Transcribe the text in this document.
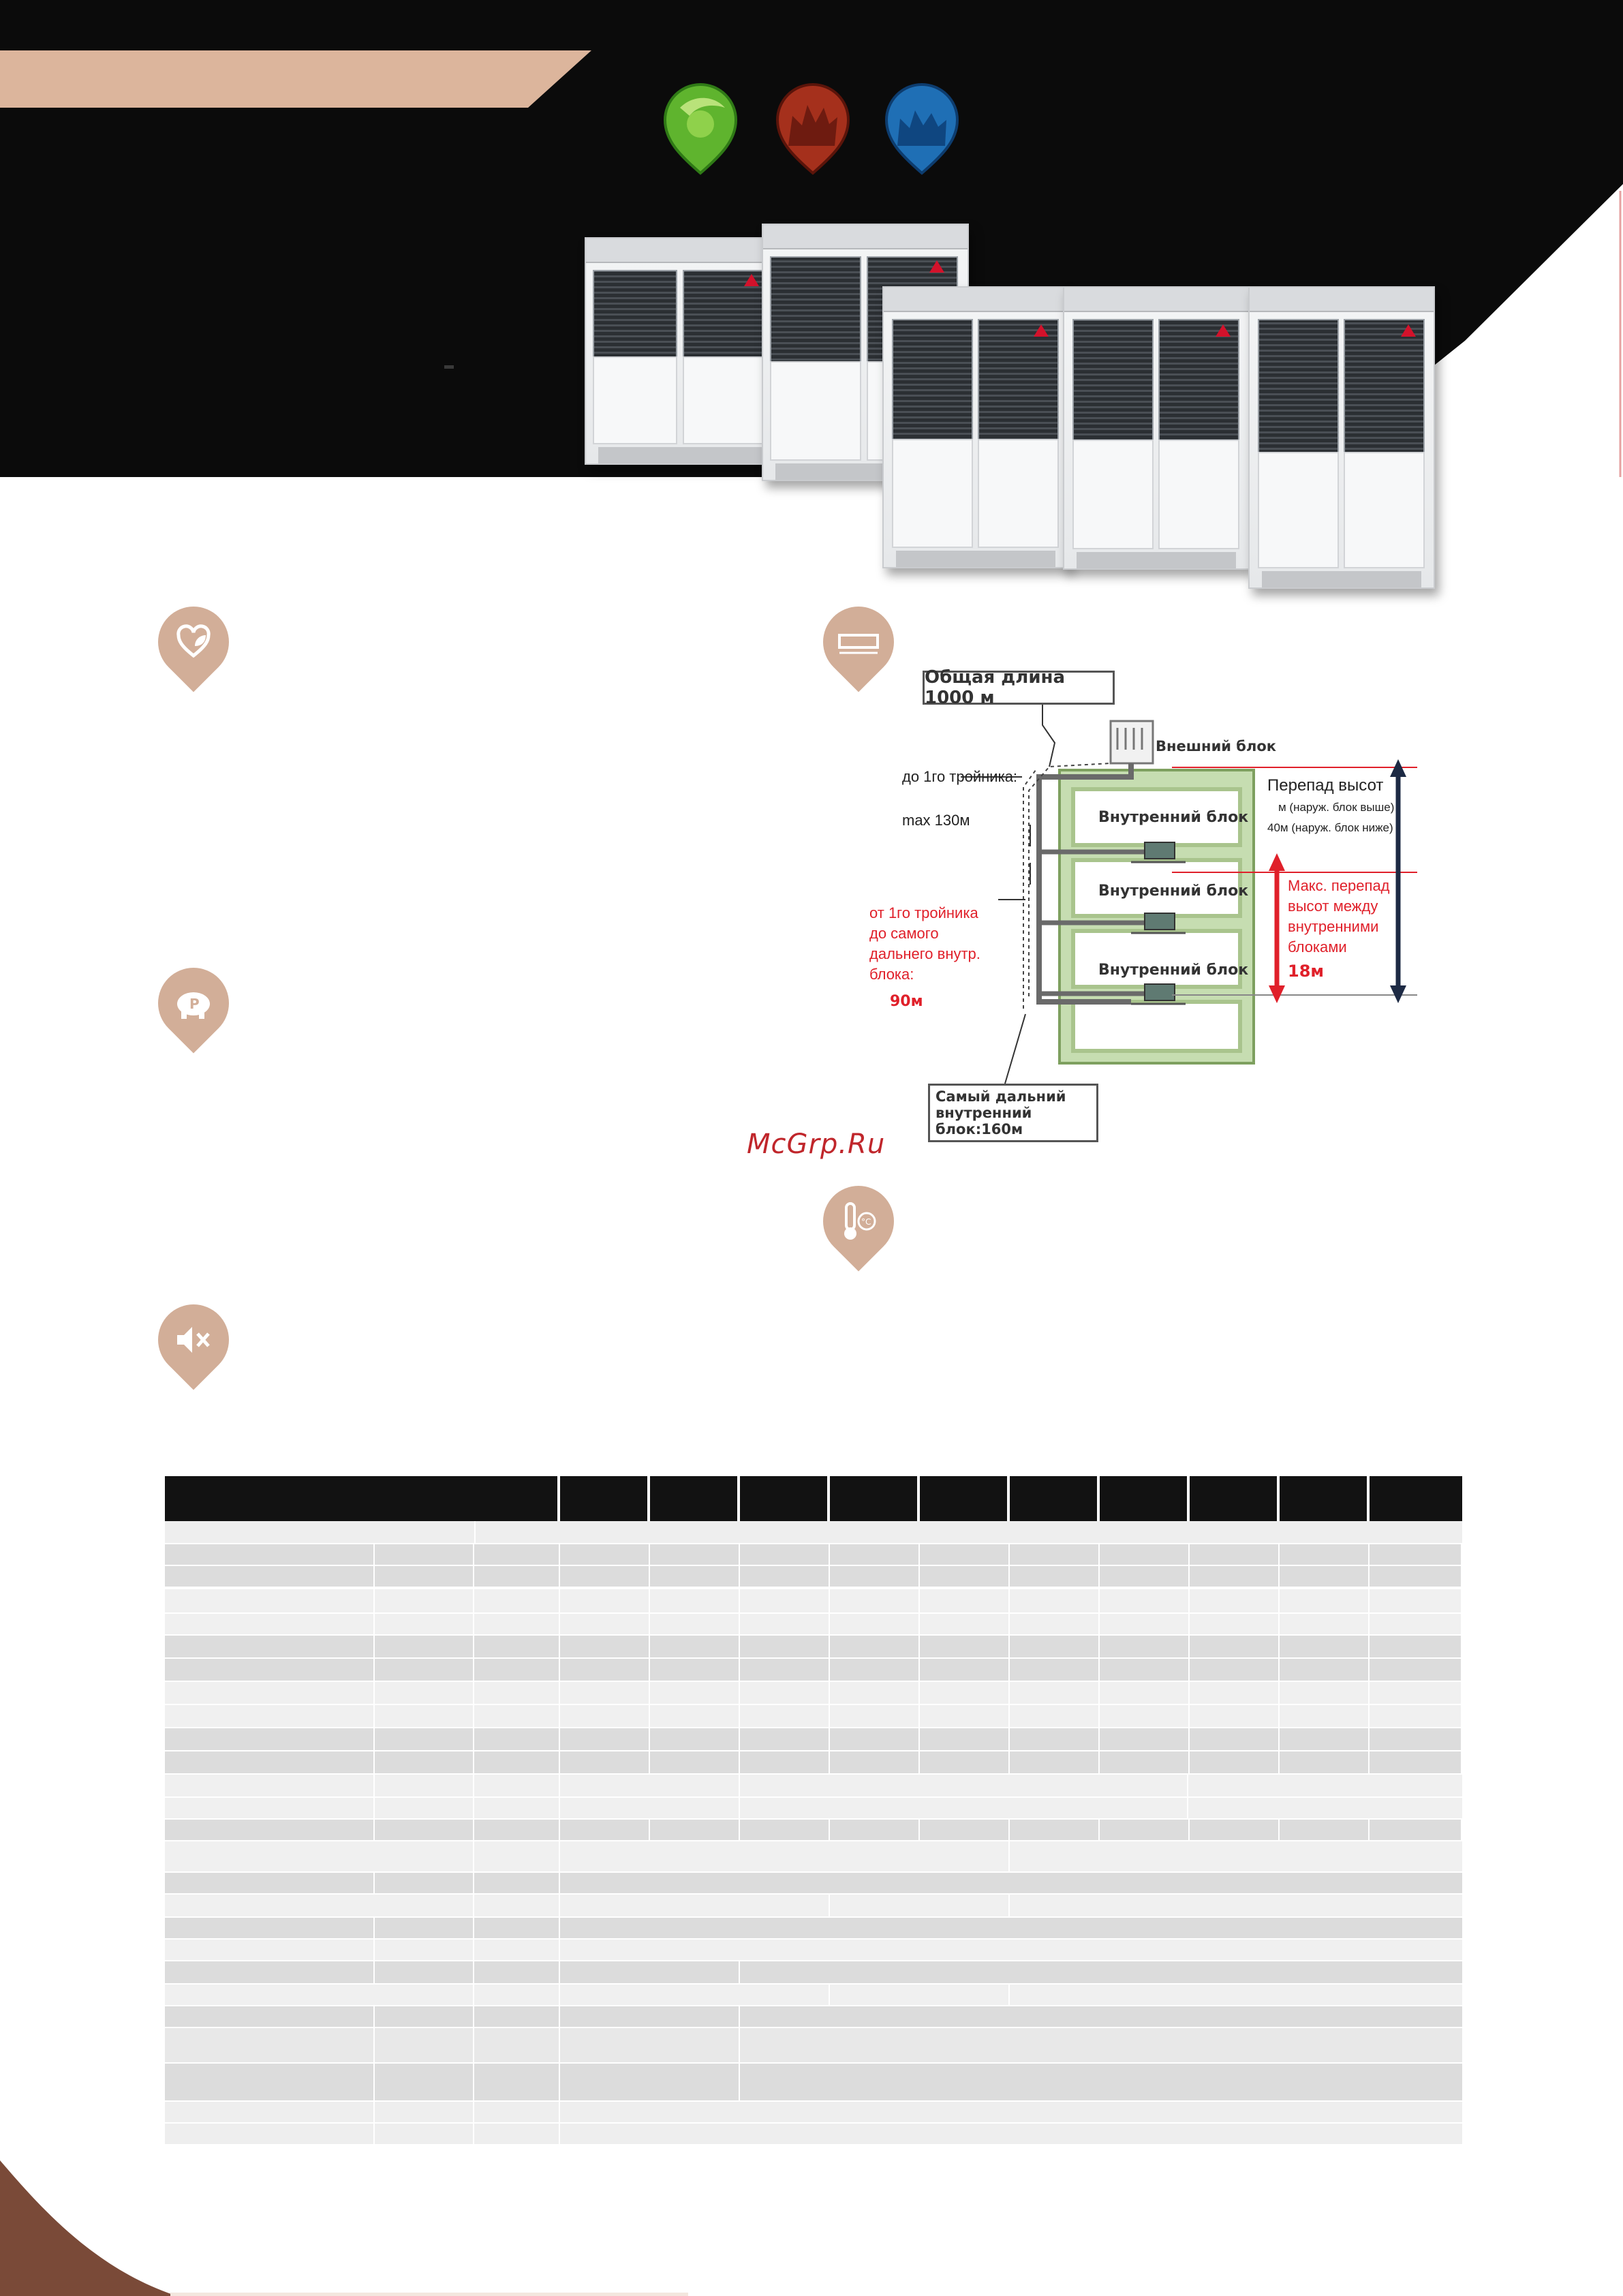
P
°C
Общая длина 1000 м
Внешний блок
Внутренний блок
Внутренний блок
Внутренний блок
до 1го тройника:
max 130м
от 1го тройника
до самого
дальнего внутр.
блока:
90м
Перепад высот
м (наруж. блок выше)
40м (наруж. блок ниже)
Макс. перепад
высот между
внутренними
блоками
18м
Самый дальний
внутренний блок:160м
McGrp.Ru
